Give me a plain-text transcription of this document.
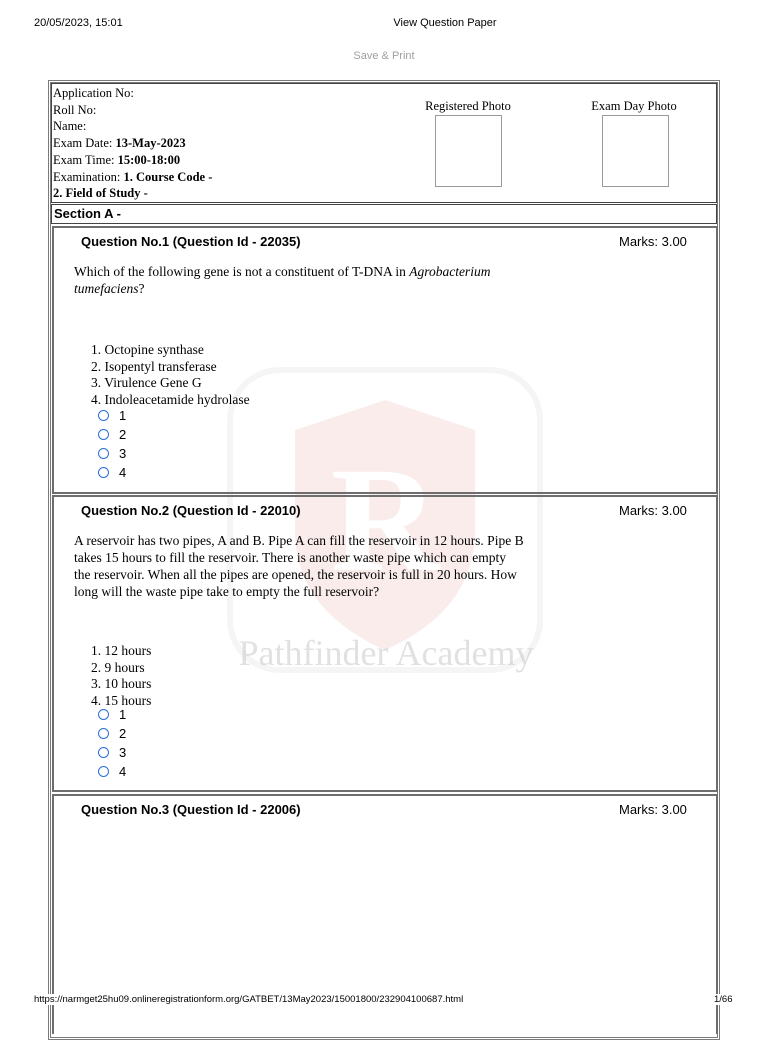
20/05/2023, 15:01	View Question Paper
Save & Print
R
Pathfinder Academy
Application No:
Roll No:
Name:
Exam Date: 13-May-2023
Exam Time: 15:00-18:00
Examination: 1. Course Code -
2. Field of Study -
Registered Photo	Exam Day Photo
Section A -
Question No.1 (Question Id - 22035)	Marks: 3.00
Which of the following gene is not a constituent of T-DNA in Agrobacterium
tumefaciens?
1. Octopine synthase
2. Isopentyl transferase
3. Virulence Gene G
4. Indoleacetamide hydrolase
1
2
3
4
Question No.2 (Question Id - 22010)	Marks: 3.00
A reservoir has two pipes, A and B. Pipe A can fill the reservoir in 12 hours. Pipe B
takes 15 hours to fill the reservoir. There is another waste pipe which can empty
the reservoir. When all the pipes are opened, the reservoir is full in 20 hours. How
long will the waste pipe take to empty the full reservoir?
1. 12 hours
2. 9 hours
3. 10 hours
4. 15 hours
1
2
3
4
Question No.3 (Question Id - 22006)	Marks: 3.00
https://narmget25hu09.onlineregistrationform.org/GATBET/13May2023/15001800/232904100687.html	1/66
